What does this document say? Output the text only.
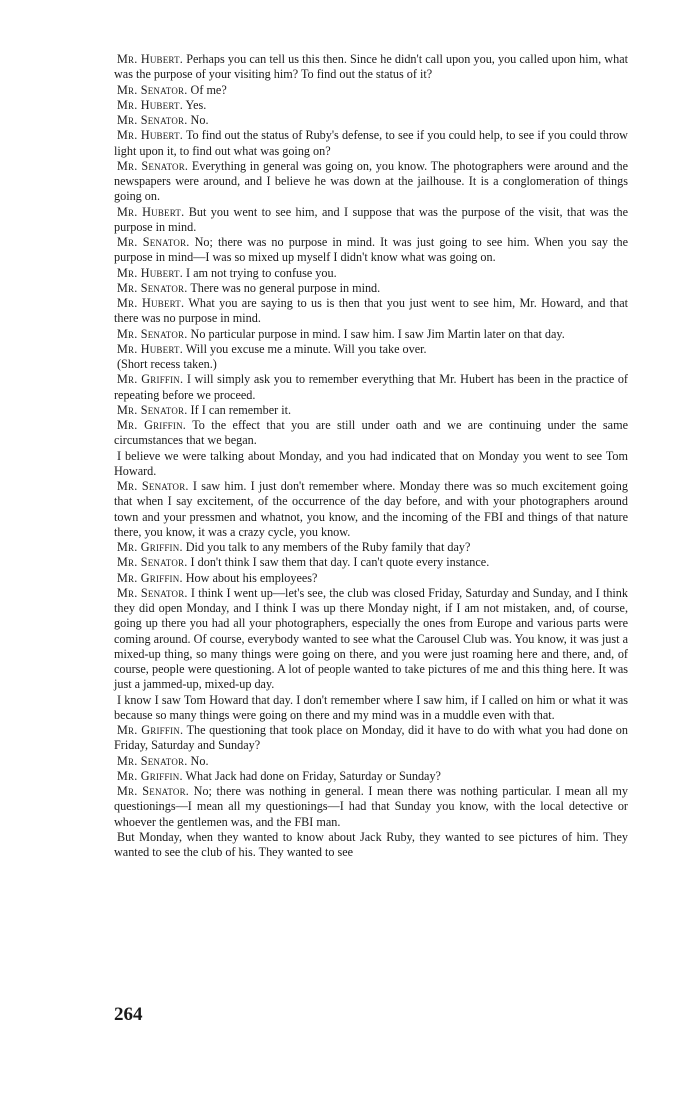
Mr. Hubert. Perhaps you can tell us this then. Since he didn't call upon you, you called upon him, what was the purpose of your visiting him? To find out the status of it?

Mr. Senator. Of me?

Mr. Hubert. Yes.

Mr. Senator. No.

Mr. Hubert. To find out the status of Ruby's defense, to see if you could help, to see if you could throw light upon it, to find out what was going on?

Mr. Senator. Everything in general was going on, you know. The photographers were around and the newspapers were around, and I believe he was down at the jailhouse. It is a conglomeration of things going on.

Mr. Hubert. But you went to see him, and I suppose that was the purpose of the visit, that was the purpose in mind.

Mr. Senator. No; there was no purpose in mind. It was just going to see him. When you say the purpose in mind—I was so mixed up myself I didn't know what was going on.

Mr. Hubert. I am not trying to confuse you.

Mr. Senator. There was no general purpose in mind.

Mr. Hubert. What you are saying to us is then that you just went to see him, Mr. Howard, and that there was no purpose in mind.

Mr. Senator. No particular purpose in mind. I saw him. I saw Jim Martin later on that day.

Mr. Hubert. Will you excuse me a minute. Will you take over.

(Short recess taken.)

Mr. Griffin. I will simply ask you to remember everything that Mr. Hubert has been in the practice of repeating before we proceed.

Mr. Senator. If I can remember it.

Mr. Griffin. To the effect that you are still under oath and we are continuing under the same circumstances that we began.

I believe we were talking about Monday, and you had indicated that on Monday you went to see Tom Howard.

Mr. Senator. I saw him. I just don't remember where. Monday there was so much excitement going that when I say excitement, of the occurrence of the day before, and with your photographers around town and your pressmen and whatnot, you know, and the incoming of the FBI and things of that nature there, you know, it was a crazy cycle, you know.

Mr. Griffin. Did you talk to any members of the Ruby family that day?

Mr. Senator. I don't think I saw them that day. I can't quote every instance.

Mr. Griffin. How about his employees?

Mr. Senator. I think I went up—let's see, the club was closed Friday, Saturday and Sunday, and I think they did open Monday, and I think I was up there Monday night, if I am not mistaken, and, of course, going up there you had all your photographers, especially the ones from Europe and various parts were coming around. Of course, everybody wanted to see what the Carousel Club was. You know, it was just a mixed-up thing, so many things were going on there, and you were just roaming here and there, and, of course, people were questioning. A lot of people wanted to take pictures of me and this thing here. It was just a jammed-up, mixed-up day.

I know I saw Tom Howard that day. I don't remember where I saw him, if I called on him or what it was because so many things were going on there and my mind was in a muddle even with that.

Mr. Griffin. The questioning that took place on Monday, did it have to do with what you had done on Friday, Saturday and Sunday?

Mr. Senator. No.

Mr. Griffin. What Jack had done on Friday, Saturday or Sunday?

Mr. Senator. No; there was nothing in general. I mean there was nothing particular. I mean all my questionings—I mean all my questionings—I had that Sunday you know, with the local detective or whoever the gentlemen was, and the FBI man.

But Monday, when they wanted to know about Jack Ruby, they wanted to see pictures of him. They wanted to see the club of his. They wanted to see

264
